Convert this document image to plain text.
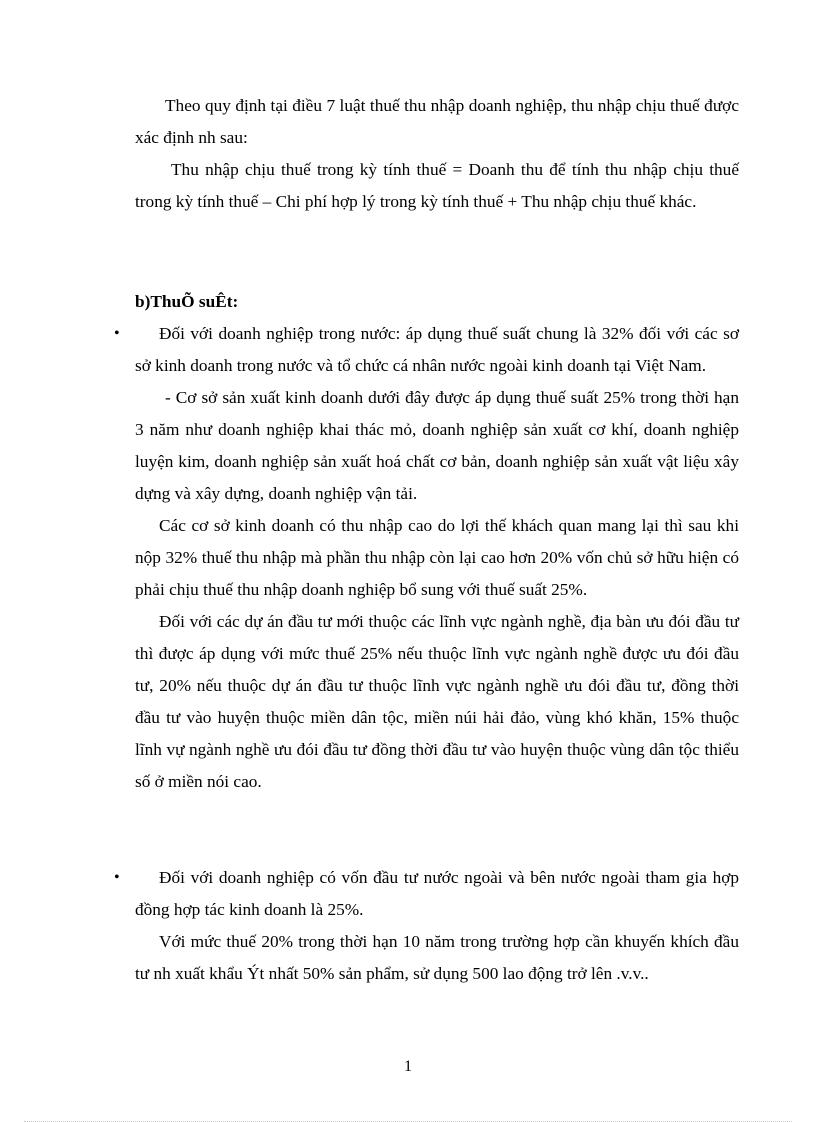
Theo quy định tại điều 7 luật thuế thu nhập doanh nghiệp, thu nhập chịu thuế được xác định nh sau:

Thu nhập chịu thuế trong kỳ tính thuế = Doanh thu để tính thu nhập chịu thuế trong kỳ tính thuế – Chi phí hợp lý trong kỳ tính thuế + Thu nhập chịu thuế khác.

b)ThuÕ suÊt:

•	Đối với doanh nghiệp trong nước: áp dụng thuế suất chung là 32% đối với các sơ sở kinh doanh trong nước và tổ chức cá nhân nước ngoài kinh doanh tại Việt Nam.

- Cơ sở sản xuất kinh doanh dưới đây được áp dụng thuế suất 25% trong thời hạn 3 năm như doanh nghiệp khai thác mỏ, doanh nghiệp sản xuất cơ khí, doanh nghiệp luyện kim, doanh nghiệp sản xuất hoá chất cơ bản, doanh nghiệp sản xuất vật liệu xây dựng và xây dựng, doanh nghiệp vận tải.

Các cơ sở kinh doanh có thu nhập cao do lợi thế khách quan mang lại thì sau khi nộp 32% thuế thu nhập mà phần thu nhập còn lại cao hơn 20% vốn chủ sở hữu hiện có phải chịu thuế thu nhập doanh nghiệp bổ sung với thuế suất 25%.

Đối với các dự án đầu tư mới thuộc các lĩnh vực ngành nghề, địa bàn ưu đói đầu tư thì được áp dụng với mức thuế 25% nếu thuộc lĩnh vực ngành nghề được ưu đói đầu tư, 20% nếu thuộc dự án đầu tư thuộc lĩnh vực ngành nghề ưu đói đầu tư, đồng thời đầu tư vào huyện thuộc miền dân tộc, miền núi hải đảo, vùng khó khăn, 15% thuộc lĩnh vự ngành nghề ưu đói đầu tư đồng thời đầu tư vào huyện thuộc vùng dân tộc thiểu số ở miền nói cao.

•	Đối với doanh nghiệp có vốn đầu tư nước ngoài và bên nước ngoài tham gia hợp đồng hợp tác kinh doanh là 25%.

Với mức thuế 20% trong thời hạn 10 năm trong trường hợp cần khuyến khích đầu tư nh xuất khẩu Ýt nhất 50% sản phẩm, sử dụng 500 lao động trở lên .v.v..

1
